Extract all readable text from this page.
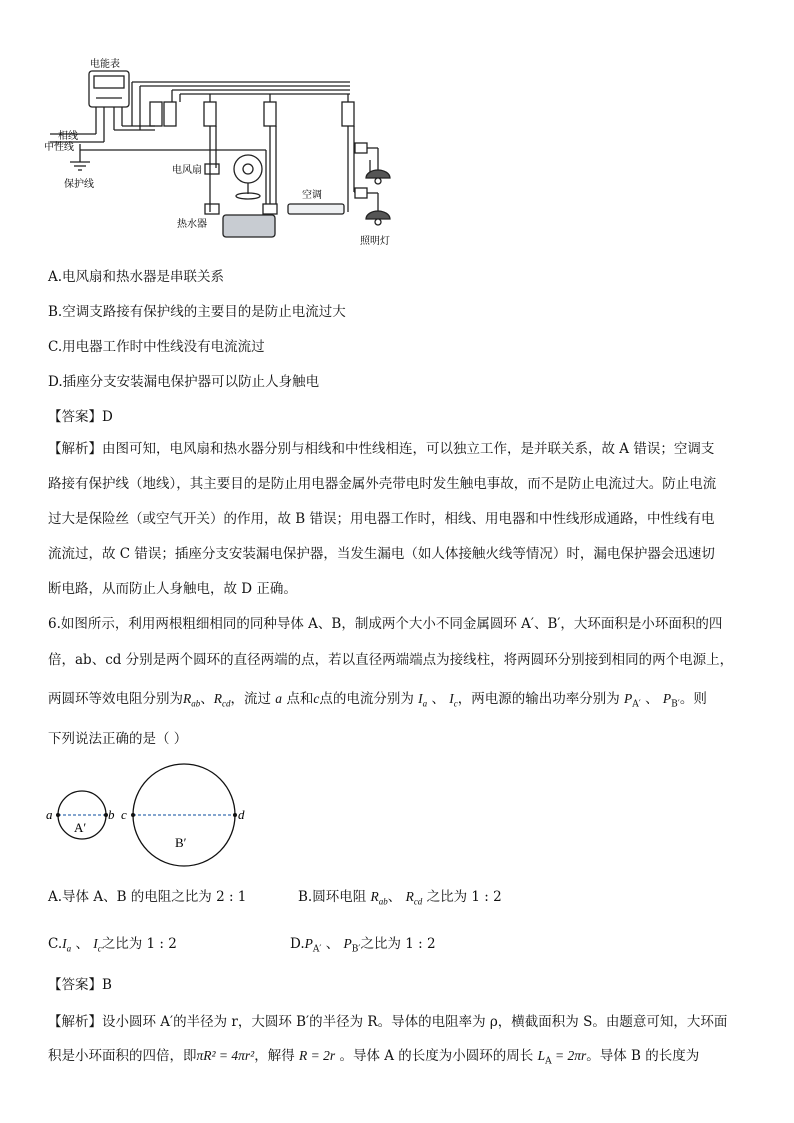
电能表
相线
中性线
保护线
电风扇
热水器
空调
照明灯
A.电风扇和热水器是串联关系
B.空调支路接有保护线的主要目的是防止电流过大
C.用电器工作时中性线没有电流流过
D.插座分支安装漏电保护器可以防止人身触电
【答案】D
【解析】由图可知，电风扇和热水器分别与相线和中性线相连，可以独立工作，是并联关系，故 A 错误；空调支
路接有保护线（地线），其主要目的是防止用电器金属外壳带电时发生触电事故，而不是防止电流过大。防止电流
过大是保险丝（或空气开关）的作用，故 B 错误；用电器工作时，相线、用电器和中性线形成通路，中性线有电
流流过，故 C 错误；插座分支安装漏电保护器，当发生漏电（如人体接触火线等情况）时，漏电保护器会迅速切
断电路，从而防止人身触电，故 D 正确。
6.如图所示，利用两根粗细相同的同种导体 A、B，制成两个大小不同金属圆环 A′、B′，大环面积是小环面积的四
倍，ab、cd 分别是两个圆环的直径两端的点，若以直径两端端点为接线柱，将两圆环分别接到相同的两个电源上，
两圆环等效电阻分别为$R_{ab}$、$R_{cd}$，流过 a 点和c点的电流分别为 $I_a$ 、 $I_c$，两电源的输出功率分别为 $P_{A'}$ 、 $P_{B'}$。则
下列说法正确的是（ ）
a	b c	d
A′
B′
A.导体 A、B 的电阻之比为 2 : 1	B.圆环电阻 $R_{ab}$、 $R_{cd}$ 之比为 1 : 2
$C.I_a$ 、 $I_c$之比为 1 : 2	$D.P_{A'}$ 、 $P_{B'}$之比为 1 : 2
【答案】B
【解析】设小圆环 A′的半径为 r，大圆环 B′的半径为 R。导体的电阻率为 ρ，横截面积为 S。由题意可知，大环面
积是小环面积的四倍，即πR² = 4πr²，解得 R = 2r 。导体 A 的长度为小圆环的周长 $L_A = 2\pi r$。导体 B 的长度为
